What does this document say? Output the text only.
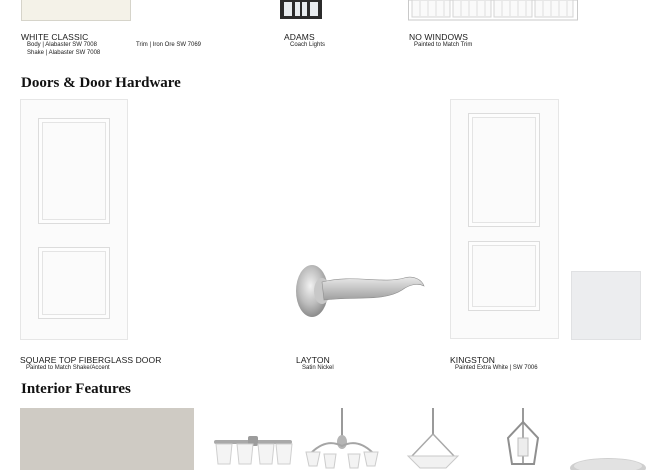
WHITE CLASSIC
Body | Alabaster SW 7008
Shake | Alabaster SW 7008
Trim | Iron Ore SW 7069
ADAMS
Coach Lights
NO WINDOWS
Painted to Match Trim
Doors & Door Hardware
SQUARE TOP FIBERGLASS DOOR
Painted to Match Shake/Accent
LAYTON
Satin Nickel
KINGSTON
Painted Extra White | SW 7006
Interior Features
